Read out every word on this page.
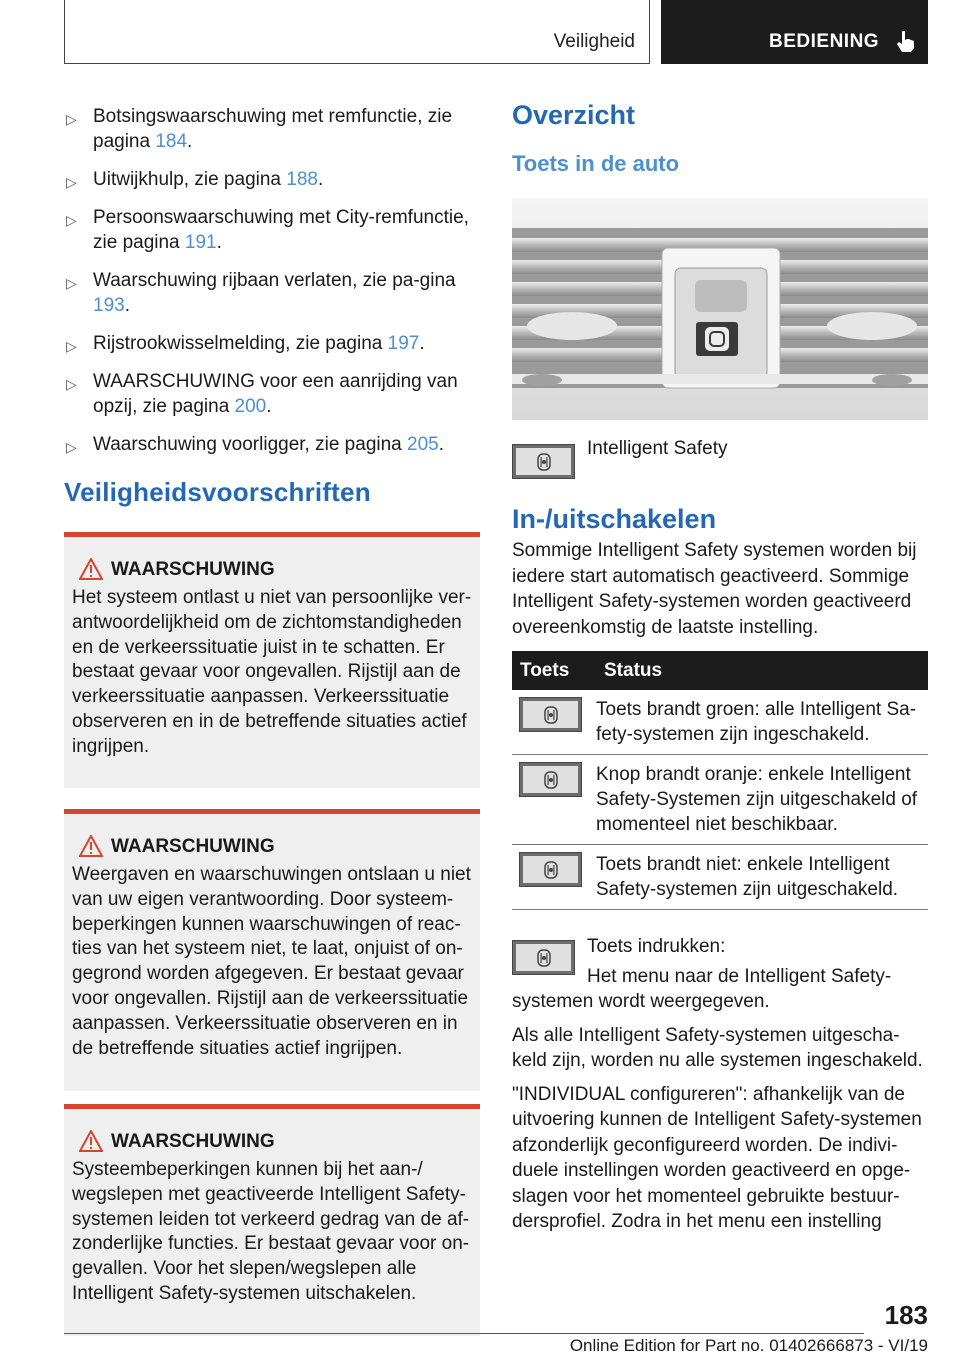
Veiligheid	BEDIENING
▷ Botsingswaarschuwing met remfunctie, zie pagina 184.
▷ Uitwijkhulp, zie pagina 188.
▷ Persoonswaarschuwing met City-remfunctie, zie pagina 191.
▷ Waarschuwing rijbaan verlaten, zie pa-gina 193.
▷ Rijstrookwisselmelding, zie pagina 197.
▷ WAARSCHUWING voor een aanrijding van opzij, zie pagina 200.
▷ Waarschuwing voorligger, zie pagina 205.
Veiligheidsvoorschriften
WAARSCHUWING
Het systeem ontlast u niet van persoonlijke ver-antwoordelijkheid om de zichtomstandigheden en de verkeerssituatie juist in te schatten. Er bestaat gevaar voor ongevallen. Rijstijl aan de verkeerssituatie aanpassen. Verkeerssituatie observeren en in de betreffende situaties actief ingrijpen.
WAARSCHUWING
Weergaven en waarschuwingen ontslaan u niet van uw eigen verantwoording. Door systeem-beperkingen kunnen waarschuwingen of reac-ties van het systeem niet, te laat, onjuist of on-gegrond worden afgegeven. Er bestaat gevaar voor ongevallen. Rijstijl aan de verkeerssituatie aanpassen. Verkeerssituatie observeren en in de betreffende situaties actief ingrijpen.
WAARSCHUWING
Systeembeperkingen kunnen bij het aan-/ wegslepen met geactiveerde Intelligent Safety-systemen leiden tot verkeerd gedrag van de af-zonderlijke functies. Er bestaat gevaar voor on-gevallen. Voor het slepen/wegslepen alle Intelligent Safety-systemen uitschakelen.
Overzicht
Toets in de auto
Intelligent Safety
In-/uitschakelen
Sommige Intelligent Safety systemen worden bij iedere start automatisch geactiveerd. Sommige Intelligent Safety-systemen worden geactiveerd overeenkomstig de laatste instelling.
Toets	Status

	Toets brandt groen: alle Intelligent Sa-fety-systemen zijn ingeschakeld.

	Knop brandt oranje: enkele Intelligent Safety-Systemen zijn uitgeschakeld of momenteel niet beschikbaar.

	Toets brandt niet: enkele Intelligent Safety-systemen zijn uitgeschakeld.
Toets indrukken:
Het menu naar de Intelligent Safety-systemen wordt weergegeven.
Als alle Intelligent Safety-systemen uitgescha-keld zijn, worden nu alle systemen ingeschakeld.
"INDIVIDUAL configureren": afhankelijk van de uitvoering kunnen de Intelligent Safety-systemen afzonderlijk geconfigureerd worden. De indivi-duele instellingen worden geactiveerd en opge-slagen voor het momenteel gebruikte bestuur-dersprofiel. Zodra in het menu een instelling
183
Online Edition for Part no. 01402666873 - VI/19
